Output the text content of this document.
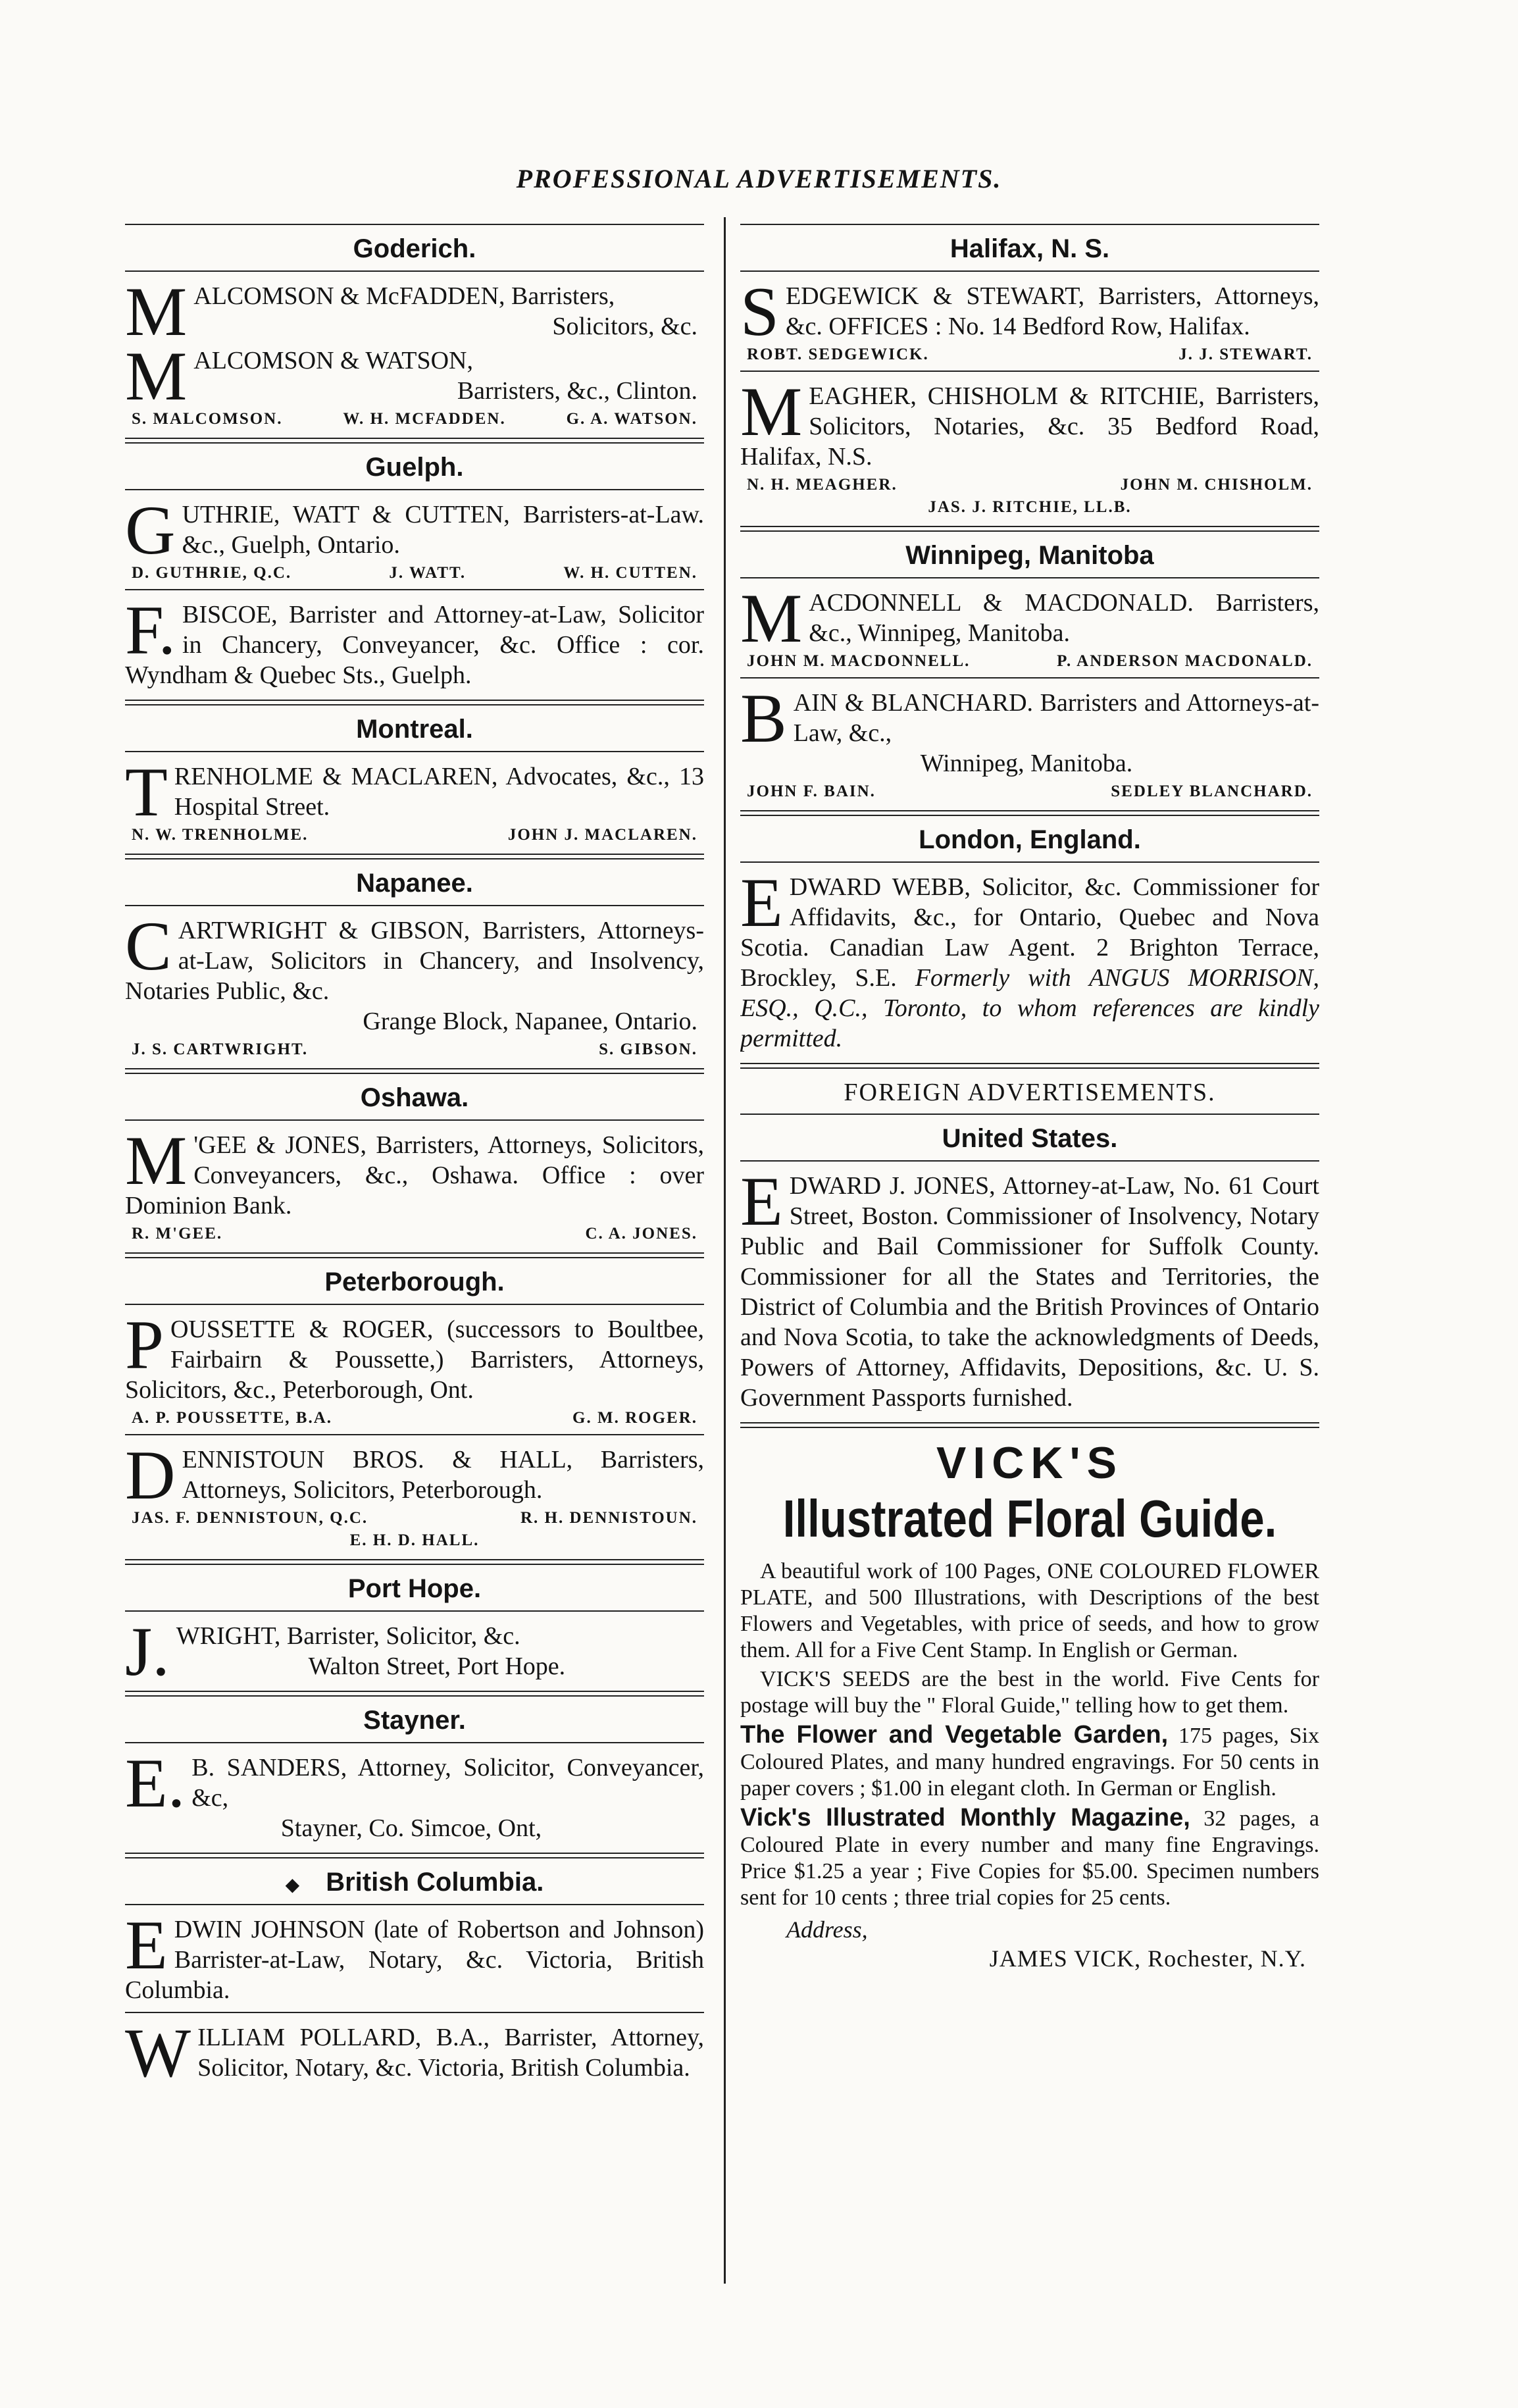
PROFESSIONAL ADVERTISEMENTS.
Goderich.
M ALCOMSON & McFADDEN, Barristers,
Solicitors, &c.
M ALCOMSON & WATSON,
Barristers, &c., Clinton.
S. MALCOMSON.	W. H. MCFADDEN.	G. A. WATSON.
Guelph.
G UTHRIE, WATT & CUTTEN, Barristers-at-Law. &c., Guelph, Ontario.
D. GUTHRIE, Q.C.	J. WATT.	W. H. CUTTEN.
F. BISCOE, Barrister and Attorney-at-Law, Solicitor in Chancery, Conveyancer, &c. Office : cor. Wyndham & Quebec Sts., Guelph.
Montreal.
T RENHOLME & MACLAREN, Advocates, &c., 13 Hospital Street.
N. W. TRENHOLME.	JOHN J. MACLAREN.
Napanee.
C ARTWRIGHT & GIBSON, Barristers, Attorneys-at-Law, Solicitors in Chancery, and Insolvency, Notaries Public, &c.
Grange Block, Napanee, Ontario.
J. S. CARTWRIGHT.	S. GIBSON.
Oshawa.
M 'GEE & JONES, Barristers, Attorneys, Solicitors, Conveyancers, &c., Oshawa. Office : over Dominion Bank.
R. M'GEE.	C. A. JONES.
Peterborough.
P OUSSETTE & ROGER, (successors to Boultbee, Fairbairn & Poussette,) Barristers, Attorneys, Solicitors, &c., Peterborough, Ont.
A. P. POUSSETTE, B.A.	G. M. ROGER.
D ENNISTOUN BROS. & HALL, Barristers, Attorneys, Solicitors, Peterborough.
JAS. F. DENNISTOUN, Q.C.	R. H. DENNISTOUN.
E. H. D. HALL.
Port Hope.
J. WRIGHT, Barrister, Solicitor, &c.
Walton Street, Port Hope.
Stayner.
E. B. SANDERS, Attorney, Solicitor, Conveyancer, &c,
Stayner, Co. Simcoe, Ont,
◆ British Columbia.
E DWIN JOHNSON (late of Robertson and Johnson) Barrister-at-Law, Notary, &c. Victoria, British Columbia.
W ILLIAM POLLARD, B.A., Barrister, Attorney, Solicitor, Notary, &c. Victoria, British Columbia.
Halifax, N. S.
S EDGEWICK & STEWART, Barristers, Attorneys, &c. OFFICES : No. 14 Bedford Row, Halifax.
ROBT. SEDGEWICK.	J. J. STEWART.
M EAGHER, CHISHOLM & RITCHIE, Barristers, Solicitors, Notaries, &c. 35 Bedford Road, Halifax, N.S.
N. H. MEAGHER.	JOHN M. CHISHOLM.
JAS. J. RITCHIE, LL.B.
Winnipeg, Manitoba
M ACDONNELL & MACDONALD. Barristers, &c., Winnipeg, Manitoba.
JOHN M. MACDONNELL.	P. ANDERSON MACDONALD.
B AIN & BLANCHARD. Barristers and Attorneys-at-Law, &c.,
Winnipeg, Manitoba.
JOHN F. BAIN.	SEDLEY BLANCHARD.
London, England.
E DWARD WEBB, Solicitor, &c. Commissioner for Affidavits, &c., for Ontario, Quebec and Nova Scotia. Canadian Law Agent. 2 Brighton Terrace, Brockley, S.E. Formerly with ANGUS MORRISON, ESQ., Q.C., Toronto, to whom references are kindly permitted.
FOREIGN ADVERTISEMENTS.
United States.
E DWARD J. JONES, Attorney-at-Law, No. 61 Court Street, Boston. Commissioner of Insolvency, Notary Public and Bail Commissioner for Suffolk County. Commissioner for all the States and Territories, the District of Columbia and the British Provinces of Ontario and Nova Scotia, to take the acknowledgments of Deeds, Powers of Attorney, Affidavits, Depositions, &c. U. S. Government Passports furnished.
VICK'S
Illustrated Floral Guide.

A beautiful work of 100 Pages, ONE COLOURED FLOWER PLATE, and 500 Illustrations, with Descriptions of the best Flowers and Vegetables, with price of seeds, and how to grow them. All for a Five Cent Stamp. In English or German.

VICK'S SEEDS are the best in the world. Five Cents for postage will buy the " Floral Guide," telling how to get them.

The Flower and Vegetable Garden, 175 pages, Six Coloured Plates, and many hundred engravings. For 50 cents in paper covers ; $1.00 in elegant cloth. In German or English.

Vick's Illustrated Monthly Magazine, 32 pages, a Coloured Plate in every number and many fine Engravings. Price $1.25 a year ; Five Copies for $5.00. Specimen numbers sent for 10 cents ; three trial copies for 25 cents.

Address,
JAMES VICK, Rochester, N.Y.
